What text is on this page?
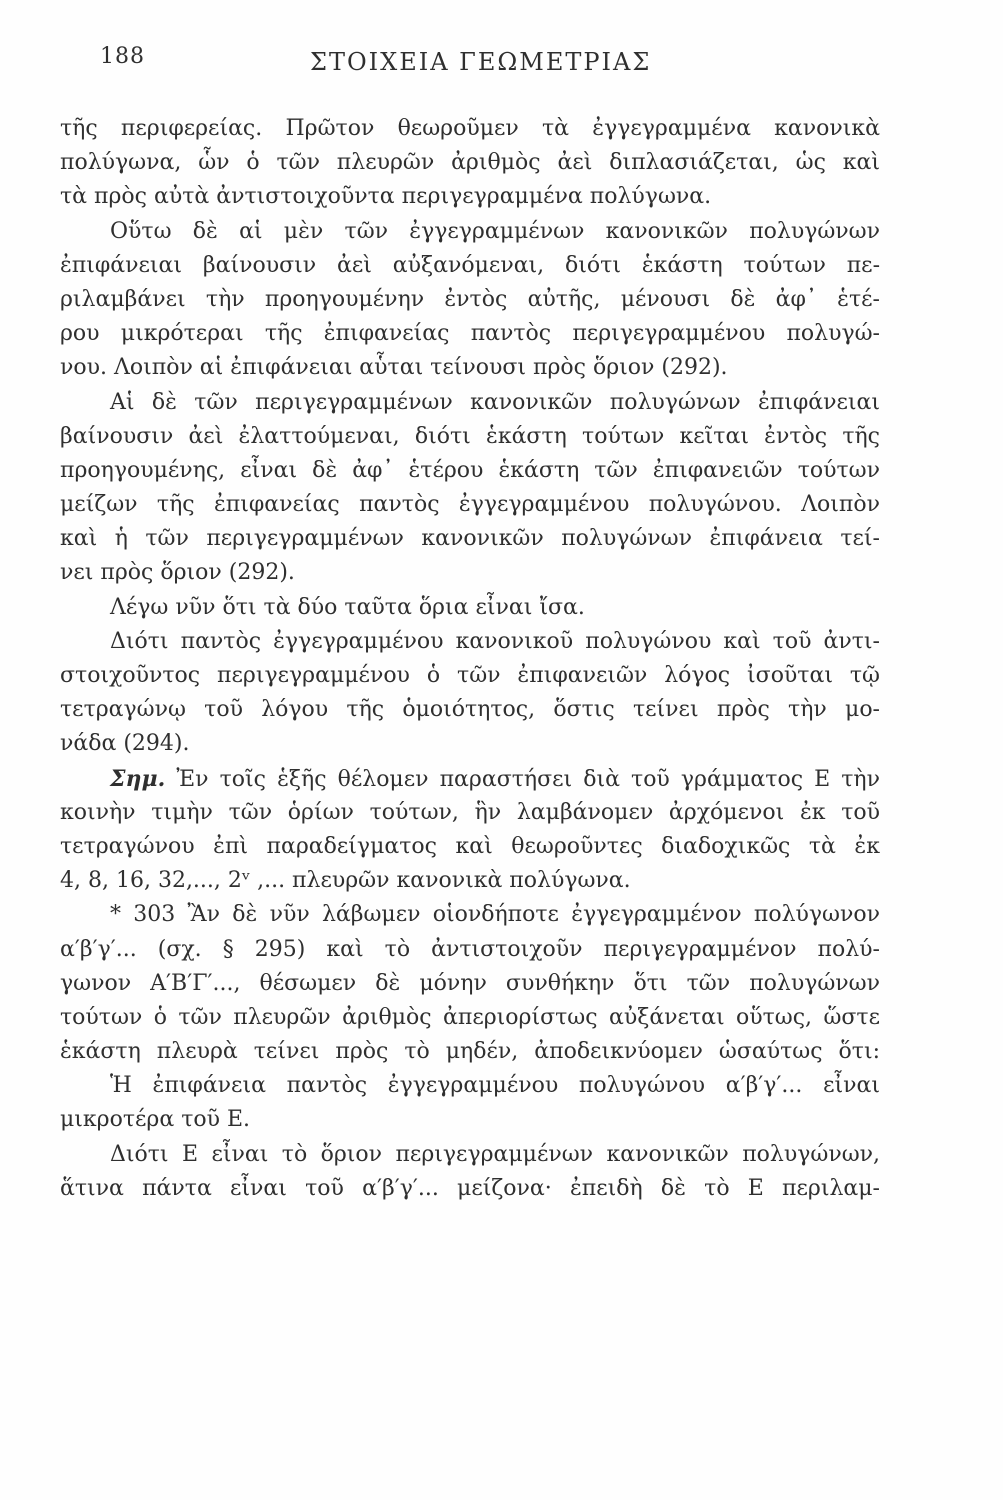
188	ΣΤΟΙΧΕΙΑ ΓΕΩΜΕΤΡΙΑΣ
τῆς περιφερείας. Πρῶτον θεωροῦμεν τὰ ἐγγεγραμμένα κανονικὰ
πολύγωνα, ὧν ὁ τῶν πλευρῶν ἀριθμὸς ἀεὶ διπλασιάζεται, ὡς καὶ
τὰ πρὸς αὐτὰ ἀντιστοιχοῦντα περιγεγραμμένα πολύγωνα.
Οὕτω δὲ αἱ μὲν τῶν ἐγγεγραμμένων κανονικῶν πολυγώνων
ἐπιφάνειαι βαίνουσιν ἀεὶ αὐξανόμεναι, διότι ἑκάστη τούτων πε-
ριλαμβάνει τὴν προηγουμένην ἐντὸς αὐτῆς, μένουσι δὲ ἀφ᾽ ἑτέ-
ρου μικρότεραι τῆς ἐπιφανείας παντὸς περιγεγραμμένου πολυγώ-
νου. Λοιπὸν αἱ ἐπιφάνειαι αὗται τείνουσι πρὸς ὅριον (292).
Αἱ δὲ τῶν περιγεγραμμένων κανονικῶν πολυγώνων ἐπιφάνειαι
βαίνουσιν ἀεὶ ἐλαττούμεναι, διότι ἑκάστη τούτων κεῖται ἐντὸς τῆς
προηγουμένης, εἶναι δὲ ἀφ᾽ ἑτέρου ἑκάστη τῶν ἐπιφανειῶν τούτων
μείζων τῆς ἐπιφανείας παντὸς ἐγγεγραμμένου πολυγώνου. Λοιπὸν
καὶ ἡ τῶν περιγεγραμμένων κανονικῶν πολυγώνων ἐπιφάνεια τεί-
νει πρὸς ὅριον (292).
Λέγω νῦν ὅτι τὰ δύο ταῦτα ὅρια εἶναι ἴσα.
Διότι παντὸς ἐγγεγραμμένου κανονικοῦ πολυγώνου καὶ τοῦ ἀντι-
στοιχοῦντος περιγεγραμμένου ὁ τῶν ἐπιφανειῶν λόγος ἰσοῦται τῷ
τετραγώνῳ τοῦ λόγου τῆς ὁμοιότητος, ὅστις τείνει πρὸς τὴν μο-
νάδα (294).
Σημ. Ἐν τοῖς ἑξῆς θέλομεν παραστήσει διὰ τοῦ γράμματος Ε τὴν
κοινὴν τιμὴν τῶν ὁρίων τούτων, ἣν λαμβάνομεν ἀρχόμενοι ἐκ τοῦ
τετραγώνου ἐπὶ παραδείγματος καὶ θεωροῦντες διαδοχικῶς τὰ ἐκ
4, 8, 16, 32,..., 2ᵛ ,... πλευρῶν κανονικὰ πολύγωνα.
* 303 Ἂν δὲ νῦν λάβωμεν οἱονδήποτε ἐγγεγραμμένον πολύγωνον
α′β′γ′... (σχ. § 295) καὶ τὸ ἀντιστοιχοῦν περιγεγραμμένον πολύ-
γωνον Α′Β′Γ′..., θέσωμεν δὲ μόνην συνθήκην ὅτι τῶν πολυγώνων
τούτων ὁ τῶν πλευρῶν ἀριθμὸς ἀπεριορίστως αὐξάνεται οὕτως, ὥστε
ἑκάστη πλευρὰ τείνει πρὸς τὸ μηδέν, ἀποδεικνύομεν ὡσαύτως ὅτι:
Ἡ ἐπιφάνεια παντὸς ἐγγεγραμμένου πολυγώνου α′β′γ′... εἶναι
μικροτέρα τοῦ Ε.
Διότι Ε εἶναι τὸ ὅριον περιγεγραμμένων κανονικῶν πολυγώνων,
ἅτινα πάντα εἶναι τοῦ α′β′γ′... μείζονα· ἐπειδὴ δὲ τὸ Ε περιλαμ-
